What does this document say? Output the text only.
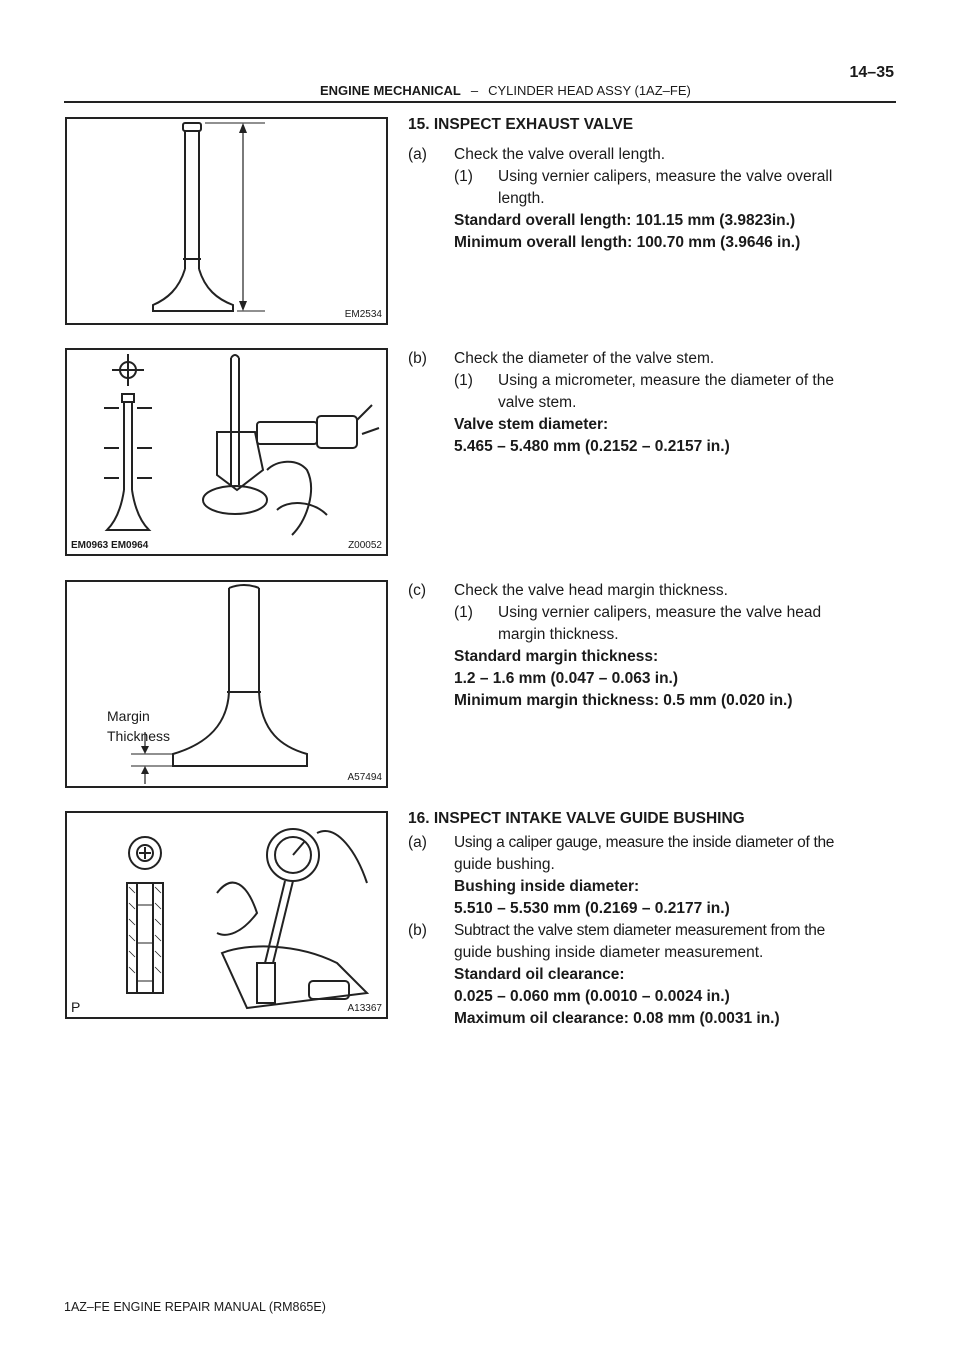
14–35
ENGINE MECHANICAL – CYLINDER HEAD ASSY (1AZ–FE)
EM2534
EM0963 EM0964	Z00052
Margin
Thickness
A57494
P	A13367
15. INSPECT EXHAUST VALVE
(a) Check the valve overall length.
(1) Using vernier calipers, measure the valve overall
length.
Standard overall length: 101.15 mm (3.9823in.)
Minimum overall length: 100.70 mm (3.9646 in.)
(b) Check the diameter of the valve stem.
(1) Using a micrometer, measure the diameter of the
valve stem.
Valve stem diameter:
5.465 – 5.480 mm (0.2152 – 0.2157 in.)
(c) Check the valve head margin thickness.
(1) Using vernier calipers, measure the valve head
margin thickness.
Standard margin thickness:
1.2 – 1.6 mm (0.047 – 0.063 in.)
Minimum margin thickness: 0.5 mm (0.020 in.)
16. INSPECT INTAKE VALVE GUIDE BUSHING
(a) Using a caliper gauge, measure the inside diameter of the
guide bushing.
Bushing inside diameter:
5.510 – 5.530 mm (0.2169 – 0.2177 in.)
(b) Subtract the valve stem diameter measurement from the
guide bushing inside diameter measurement.
Standard oil clearance:
0.025 – 0.060 mm (0.0010 – 0.0024 in.)
Maximum oil clearance: 0.08 mm (0.0031 in.)
1AZ–FE ENGINE REPAIR MANUAL (RM865E)
